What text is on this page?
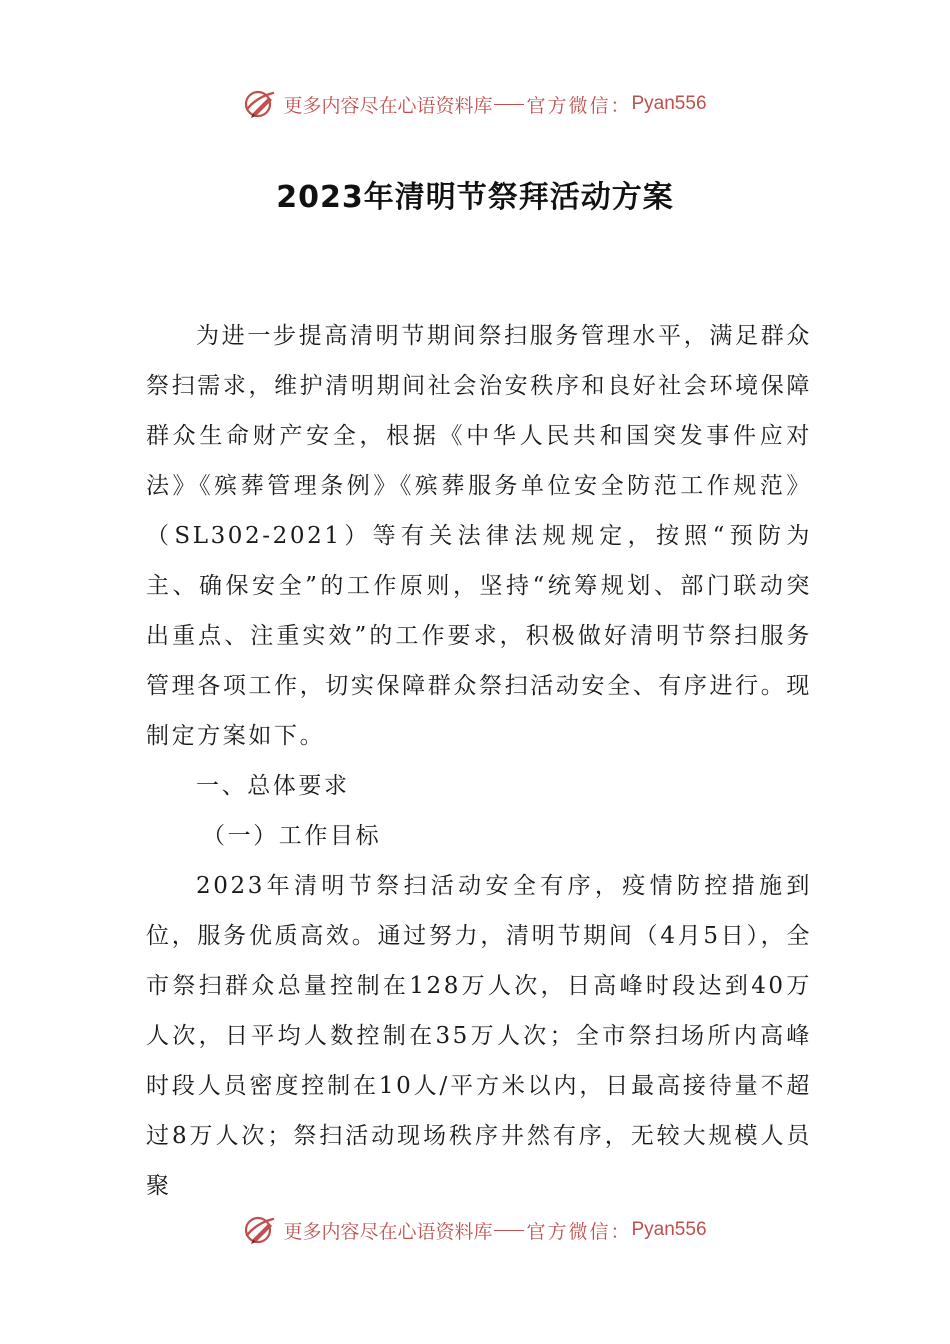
更多内容尽在心语资料库 官方微信： Pyan556
2023年清明节祭拜活动方案

为进一步提高清明节期间祭扫服务管理水平，满足群众祭扫需求，维护清明期间社会治安秩序和良好社会环境保障群众生命财产安全，根据《中华人民共和国突发事件应对法》《殡葬管理条例》《殡葬服务单位安全防范工作规范》（SL302-2021）等有关法律法规规定，按照“预防为主、确保安全”的工作原则，坚持“统筹规划、部门联动突出重点、注重实效”的工作要求，积极做好清明节祭扫服务管理各项工作，切实保障群众祭扫活动安全、有序进行。现制定方案如下。

一、总体要求

（一）工作目标

2023年清明节祭扫活动安全有序，疫情防控措施到位，服务优质高效。通过努力，清明节期间（4月5日），全市祭扫群众总量控制在128万人次，日高峰时段达到40万人次，日平均人数控制在35万人次；全市祭扫场所内高峰时段人员密度控制在10人/平方米以内，日最高接待量不超过8万人次；祭扫活动现场秩序井然有序，无较大规模人员聚

更多内容尽在心语资料库 官方微信： Pyan556
